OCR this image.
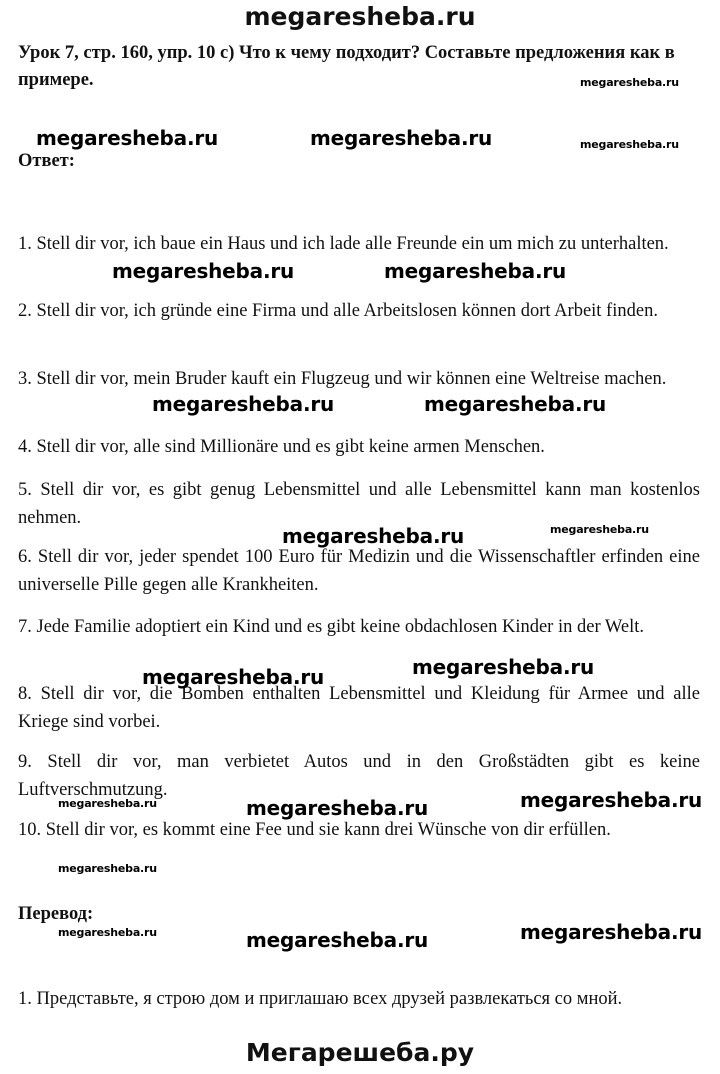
megaresheba.ru
Урок 7, стр. 160, упр. 10 с) Что к чему подходит? Составьте предложения как в примере.
Ответ:
1. Stell dir vor, ich baue ein Haus und ich lade alle Freunde ein um mich zu unterhalten.
2. Stell dir vor, ich gründe eine Firma und alle Arbeitslosen können dort Arbeit finden.
3. Stell dir vor, mein Bruder kauft ein Flugzeug und wir können eine Weltreise machen.
4. Stell dir vor, alle sind Millionäre und es gibt keine armen Menschen.
5. Stell dir vor, es gibt genug Lebensmittel und alle Lebensmittel kann man kostenlos nehmen.
6. Stell dir vor, jeder spendet 100 Euro für Medizin und die Wissenschaftler erfinden eine universelle Pille gegen alle Krankheiten.
7. Jede Familie adoptiert ein Kind und es gibt keine obdachlosen Kinder in der Welt.
8. Stell dir vor, die Bomben enthalten Lebensmittel und Kleidung für Armee und alle Kriege sind vorbei.
9. Stell dir vor, man verbietet Autos und in den Großstädten gibt es keine Luftverschmutzung.
10. Stell dir vor, es kommt eine Fee und sie kann drei Wünsche von dir erfüllen.
Перевод:
1. Представьте, я строю дом и приглашаю всех друзей развлекаться со мной.
megaresheba.ru
megaresheba.ru	megaresheba.ru	megaresheba.ru
megaresheba.ru	megaresheba.ru
megaresheba.ru	megaresheba.ru
megaresheba.ru	megaresheba.ru
megaresheba.ru	megaresheba.ru
megaresheba.ru	megaresheba.ru	megaresheba.ru
megaresheba.ru
megaresheba.ru	megaresheba.ru	megaresheba.ru
Мегарешеба.ру
